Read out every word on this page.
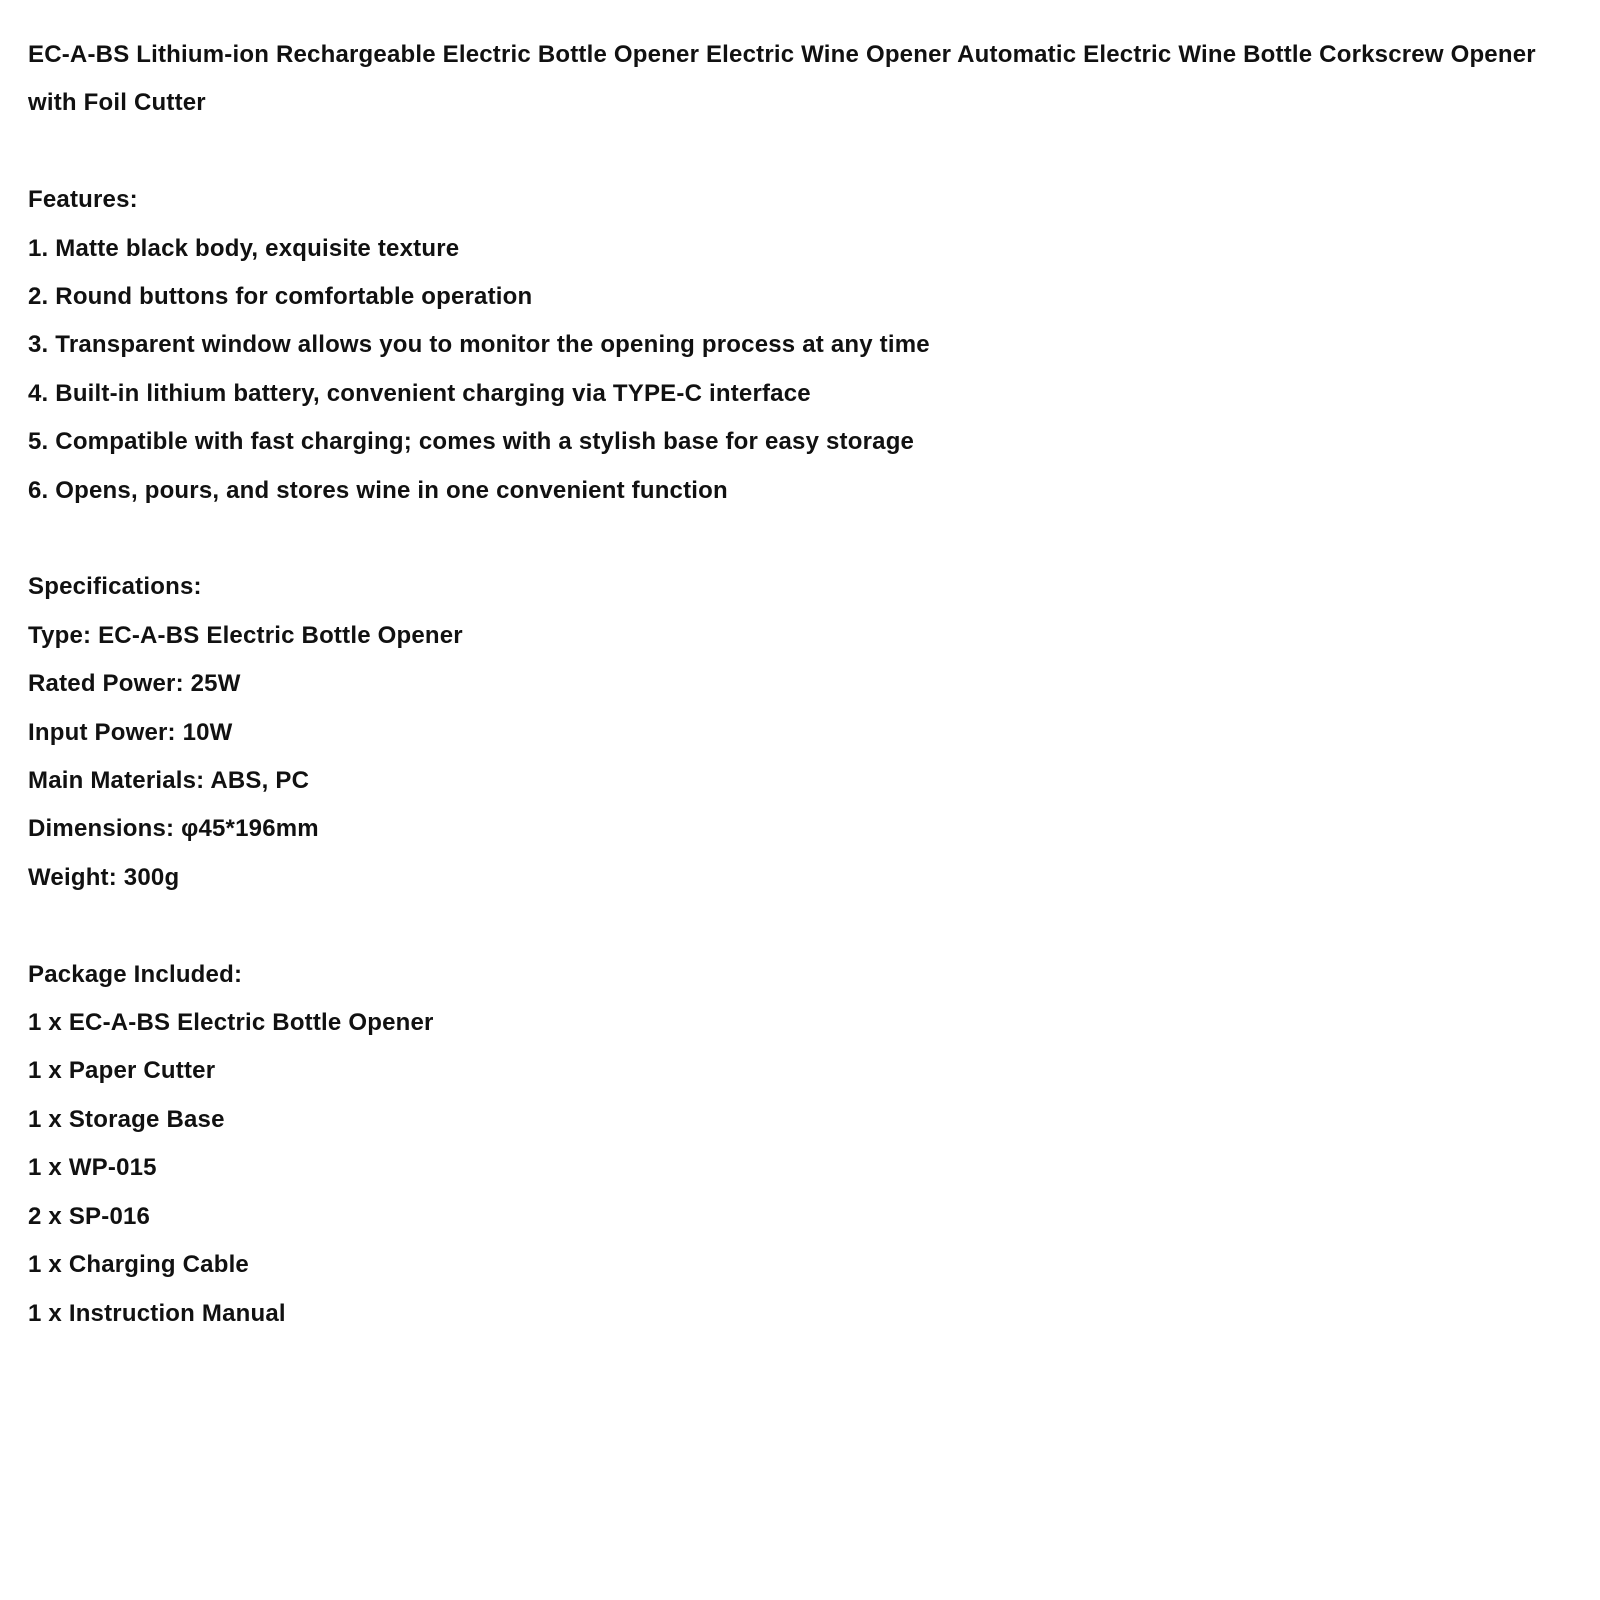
EC-A-BS Lithium-ion Rechargeable Electric Bottle Opener Electric Wine Opener Automatic Electric Wine Bottle Corkscrew Opener with Foil Cutter

Features:

1. Matte black body, exquisite texture
2. Round buttons for comfortable operation
3. Transparent window allows you to monitor the opening process at any time
4. Built-in lithium battery, convenient charging via TYPE-C interface
5. Compatible with fast charging; comes with a stylish base for easy storage
6. Opens, pours, and stores wine in one convenient function

Specifications:

Type: EC-A-BS Electric Bottle Opener
Rated Power: 25W
Input Power: 10W
Main Materials: ABS, PC
Dimensions: φ45*196mm
Weight: 300g

Package Included:

1 x EC-A-BS Electric Bottle Opener
1 x Paper Cutter
1 x Storage Base
1 x WP-015
2 x SP-016
1 x Charging Cable
1 x Instruction Manual
